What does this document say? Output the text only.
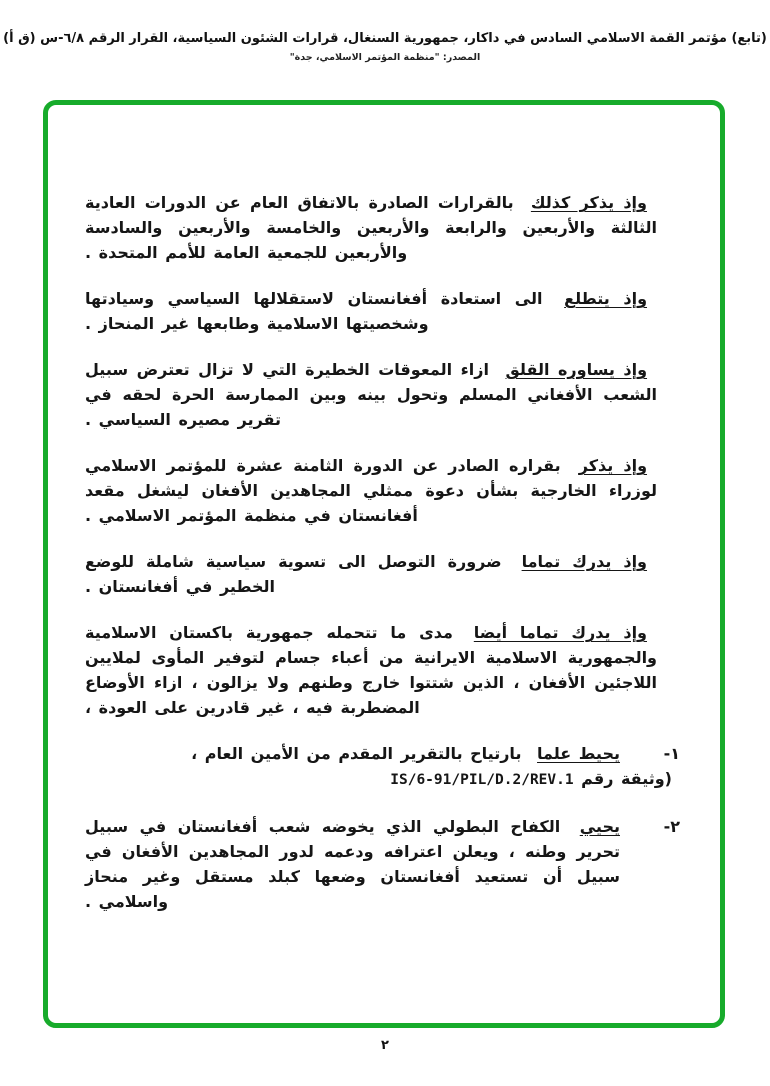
(تابع) مؤتمر القمة الاسلامي السادس في داكار، جمهورية السنغال، قرارات الشئون السياسية، القرار الرقم ٦/٨-س (ق أ)
المصدر: "منظمة المؤتمر الاسلامي، جدة"

وإذ يذكر كذلك بالقرارات الصادرة بالاتفاق العام عن الدورات العادية الثالثة والأربعين والرابعة والأربعين والخامسة والأربعين والسادسة والأربعين للجمعية العامة للأمم المتحدة .

وإذ يتطلع الى استعادة أفغانستان لاستقلالها السياسي وسيادتها وشخصيتها الاسلامية وطابعها غير المنحاز .

وإذ يساوره القلق ازاء المعوقات الخطيرة التي لا تزال تعترض سبيل الشعب الأفغاني المسلم وتحول بينه وبين الممارسة الحرة لحقه في تقرير مصيره السياسي .

وإذ يذكر بقراره الصادر عن الدورة الثامنة عشرة للمؤتمر الاسلامي لوزراء الخارجية بشأن دعوة ممثلي المجاهدين الأفغان ليشغل مقعد أفغانستان في منظمة المؤتمر الاسلامي .

وإذ يدرك تماما ضرورة التوصل الى تسوية سياسية شاملة للوضع الخطير في أفغانستان .

وإذ يدرك تماما أيضا مدى ما تتحمله جمهورية باكستان الاسلامية والجمهورية الاسلامية الايرانية من أعباء جسام لتوفير المأوى لملايين اللاجئين الأفغان ، الذين شتتوا خارج وطنهم ولا يزالون ، ازاء الأوضاع المضطربة فيه ، غير قادرين على العودة ،

١-

يحيط علما بارتياح بالتقرير المقدم من الأمين العام ،

(وثيقة رقم IS/6-91/PIL/D.2/REV.1
٢-

يحيي الكفاح البطولي الذي يخوضه شعب أفغانستان في سبيل تحرير وطنه ، ويعلن اعترافه ودعمه لدور المجاهدين الأفغان في سبيل أن تستعيد أفغانستان وضعها كبلد مستقل وغير منحاز واسلامي .

٢
